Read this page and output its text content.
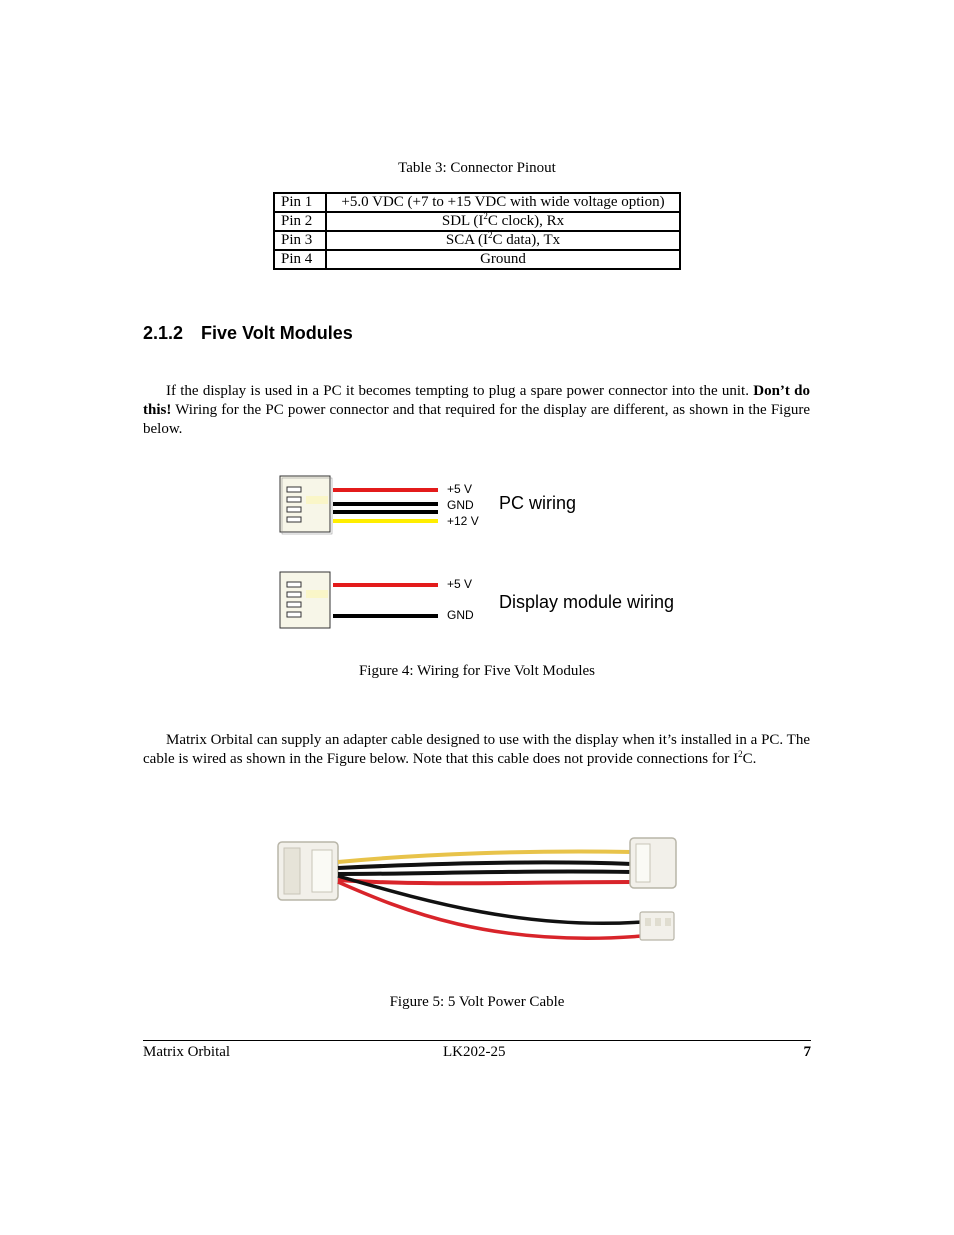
Table 3: Connector Pinout
Pin 1	+5.0 VDC (+7 to +15 VDC with wide voltage option)
Pin 2	SDL ($I^2C$ clock), Rx
Pin 3	SCA ($I^2C$ data), Tx
Pin 4	Ground
2.1.2 Five Volt Modules

If the display is used in a PC it becomes tempting to plug a spare power connector into the unit. Don’t do this! Wiring for the PC power connector and that required for the display are different, as shown in the Figure below.

+5 V
GND
+12 V
PC wiring
+5 V
GND
Display module wiring
Figure 4: Wiring for Five Volt Modules

Matrix Orbital can supply an adapter cable designed to use with the display when it’s installed in a PC. The cable is wired as shown in the Figure below. Note that this cable does not provide connections for $I^2C$.

Figure 5: 5 Volt Power Cable
Matrix Orbital	LK202-25	7
